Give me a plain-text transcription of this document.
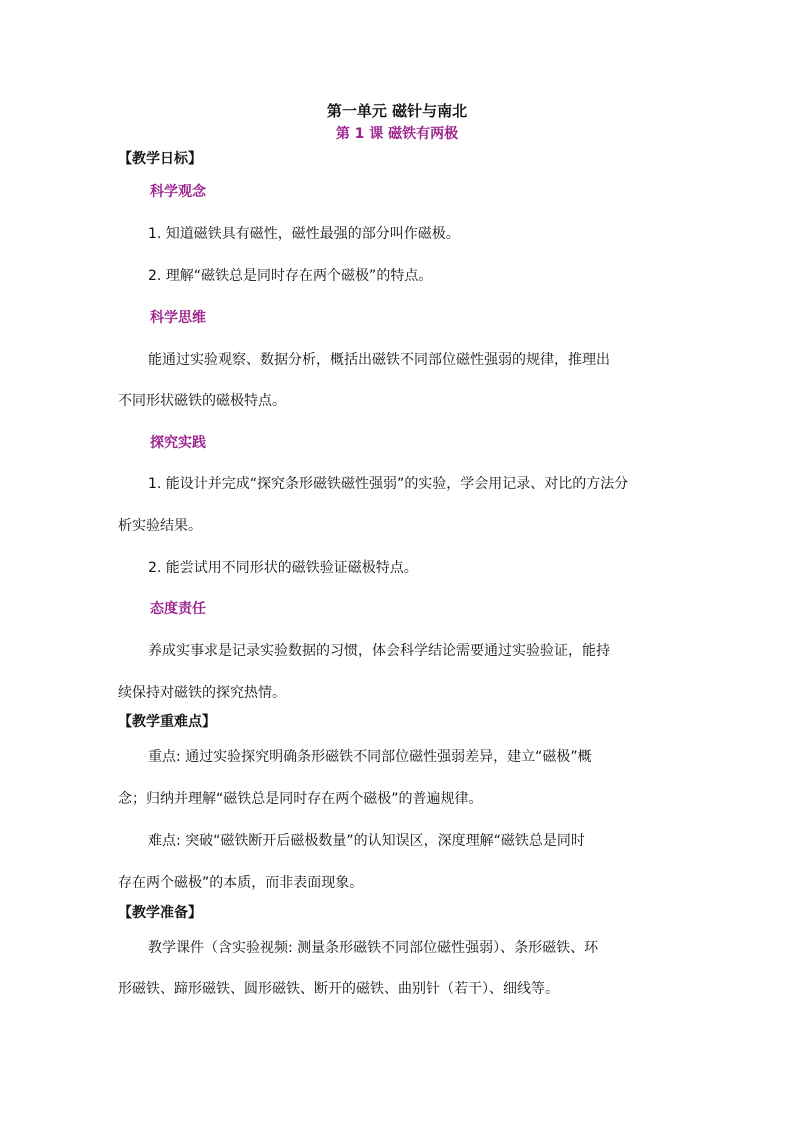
第一单元 磁针与南北
第 1 课 磁铁有两极
【教学日标】
科学观念
1. 知道磁铁具有磁性，磁性最强的部分叫作磁极。
2. 理解“磁铁总是同时存在两个磁极”的特点。
科学思维
能通过实验观察、数据分析，概括出磁铁不同部位磁性强弱的规律，推理出
不同形状磁铁的磁极特点。
探究实践
1. 能设计并完成“探究条形磁铁磁性强弱”的实验，学会用记录、对比的方法分
析实验结果。
2. 能尝试用不同形状的磁铁验证磁极特点。
态度责任
养成实事求是记录实验数据的习惯，体会科学结论需要通过实验验证，能持
续保持对磁铁的探究热情。
【教学重难点】
重点: 通过实验探究明确条形磁铁不同部位磁性强弱差异，建立“磁极”概
念；归纳并理解“磁铁总是同时存在两个磁极”的普遍规律。
难点: 突破“磁铁断开后磁极数量”的认知误区，深度理解“磁铁总是同时
存在两个磁极”的本质，而非表面现象。
【教学准备】
教学课件（含实验视频: 测量条形磁铁不同部位磁性强弱）、条形磁铁、环
形磁铁、蹄形磁铁、圆形磁铁、断开的磁铁、曲别针（若干）、细线等。
